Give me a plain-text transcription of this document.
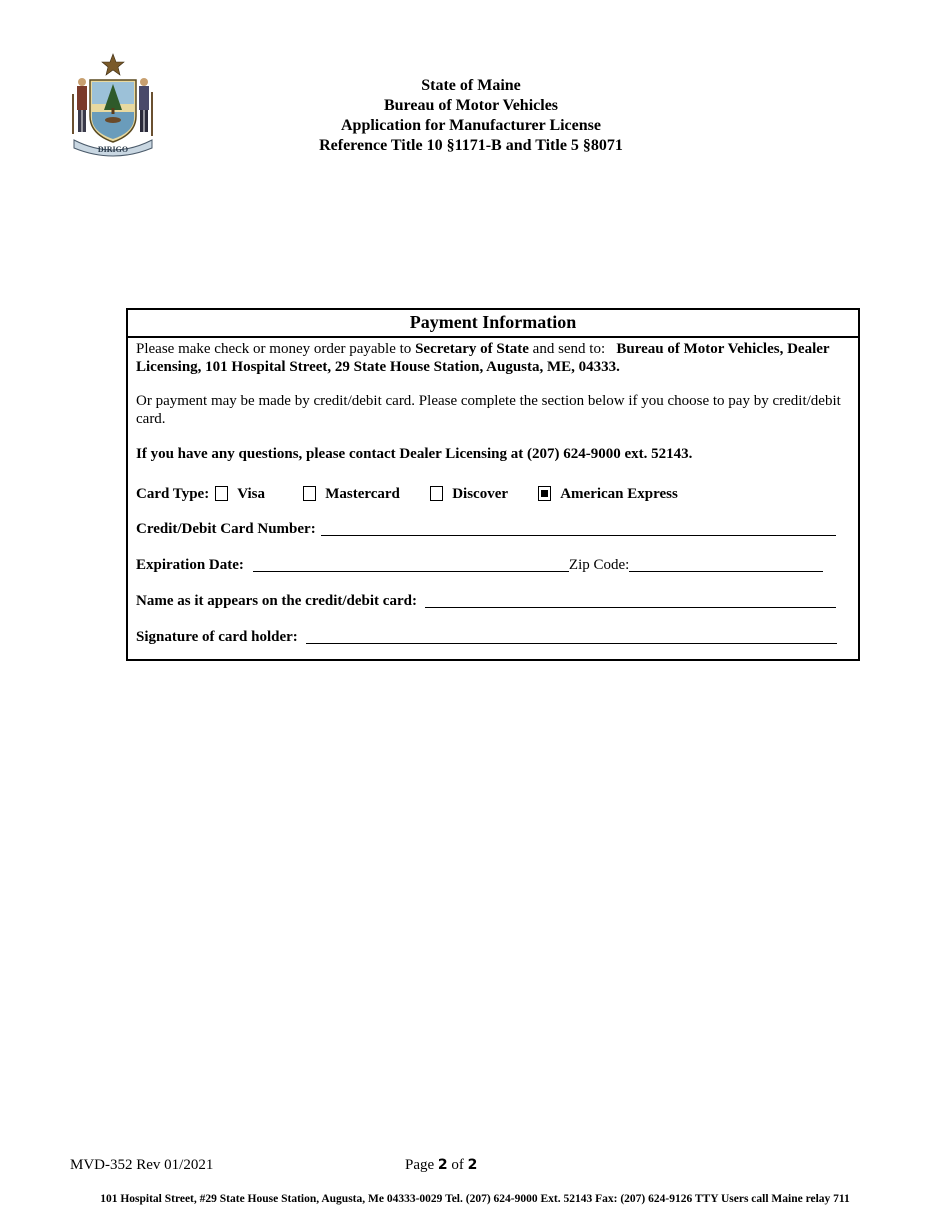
DIRIGO
State of Maine
Bureau of Motor Vehicles
Application for Manufacturer License
Reference Title 10 §1171-B and Title 5 §8071
Payment Information
Please make check or money order payable to Secretary of State and send to:   Bureau of Motor Vehicles, Dealer Licensing, 101 Hospital Street, 29 State House Station, Augusta, ME, 04333.
Or payment may be made by credit/debit card. Please complete the section below if you choose to pay by credit/debit card.
If you have any questions, please contact Dealer Licensing at (207) 624-9000 ext. 52143.
Card Type: Visa	Mastercard	Discover	American Express
Credit/Debit Card Number:
Expiration Date:	Zip Code:
Name as it appears on the credit/debit card:
Signature of card holder:
MVD-352 Rev 01/2021	Page 2 of 2
101 Hospital Street, #29 State House Station, Augusta, Me 04333-0029 Tel. (207) 624-9000 Ext. 52143 Fax: (207) 624-9126 TTY Users call Maine relay 711
